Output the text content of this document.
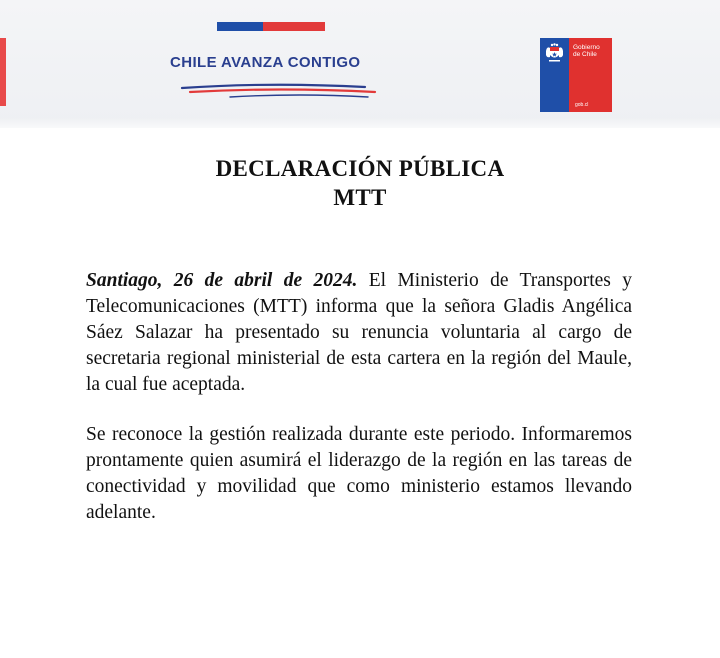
CHILE AVANZA CONTIGO
Gobierno
de Chile
gob.cl
DECLARACIÓN PÚBLICA
MTT
Santiago, 26 de abril de 2024. El Ministerio de Transportes y Telecomunicaciones (MTT) informa que la señora Gladis Angélica Sáez Salazar ha presentado su renuncia voluntaria al cargo de secretaria regional ministerial de esta cartera en la región del Maule, la cual fue aceptada.
Se reconoce la gestión realizada durante este periodo. Informaremos prontamente quien asumirá el liderazgo de la región en las tareas de conectividad y movilidad que como ministerio estamos llevando adelante.
